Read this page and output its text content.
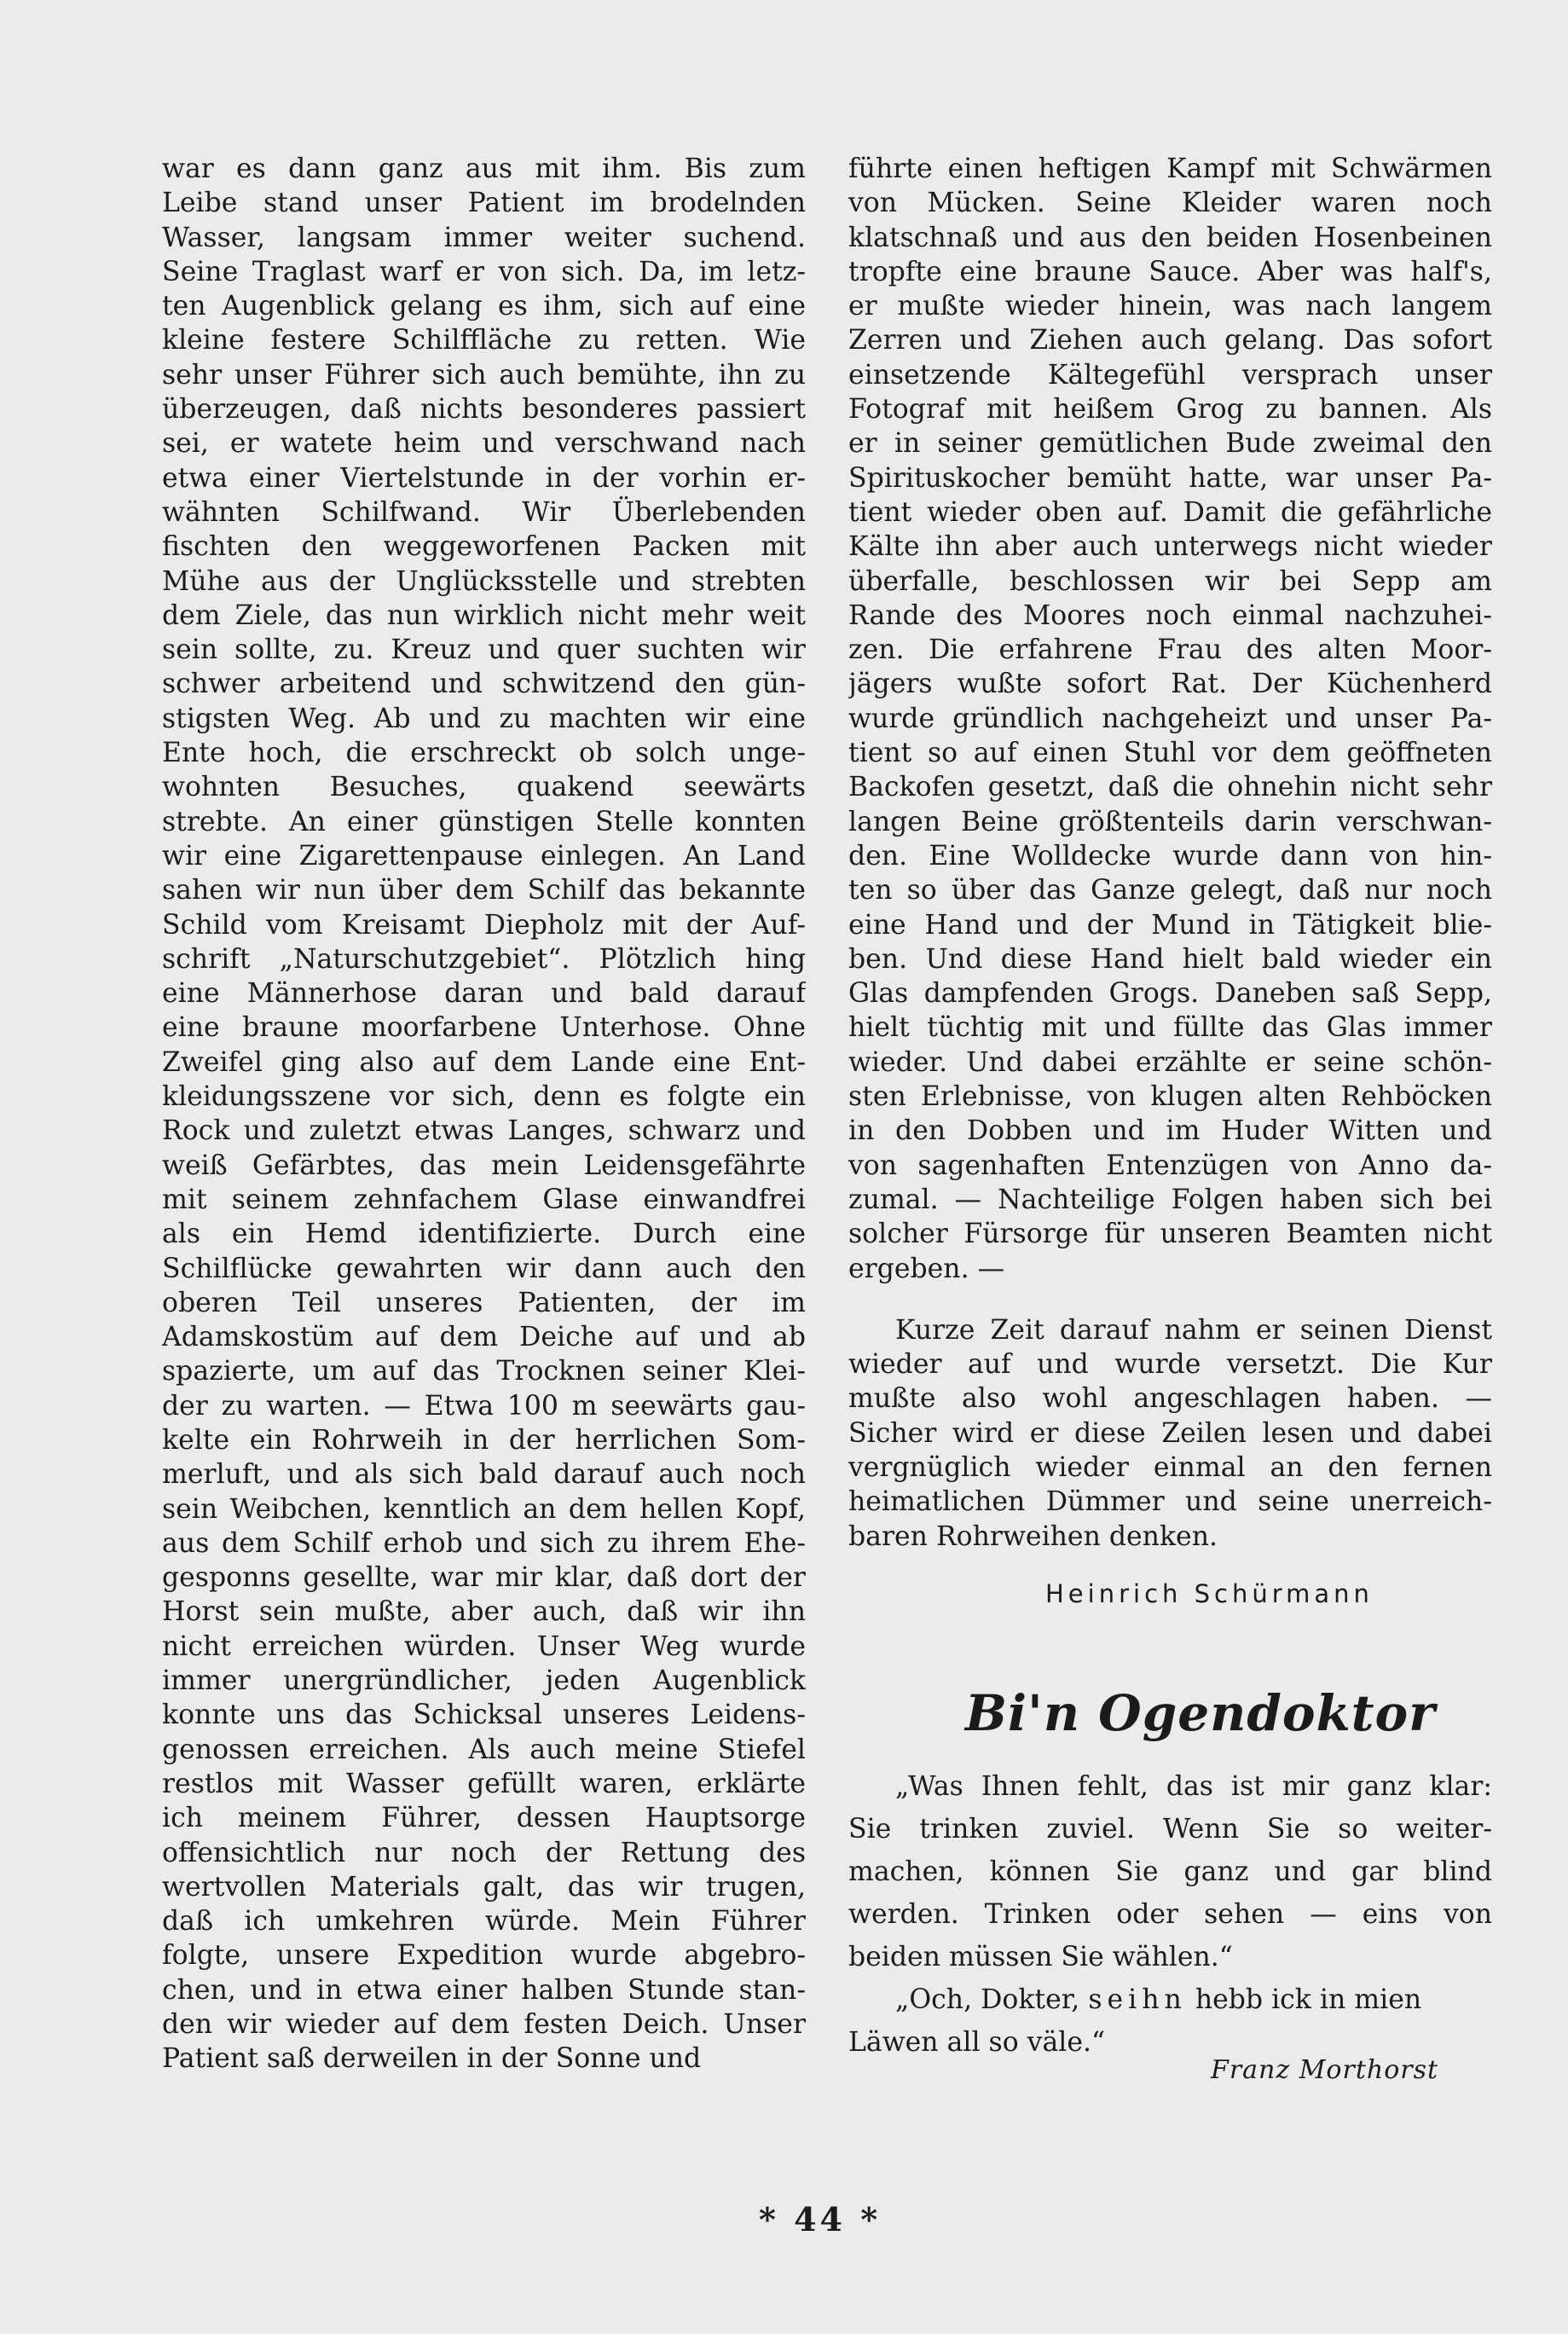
war es dann ganz aus mit ihm. Bis zum
Leibe stand unser Patient im brodelnden
Wasser, langsam immer weiter suchend.
Seine Traglast warf er von sich. Da, im letz-
ten Augenblick gelang es ihm, sich auf eine
kleine festere Schilffläche zu retten. Wie
sehr unser Führer sich auch bemühte, ihn zu
überzeugen, daß nichts besonderes passiert
sei, er watete heim und verschwand nach
etwa einer Viertelstunde in der vorhin er-
wähnten Schilfwand. Wir Überlebenden
fischten den weggeworfenen Packen mit
Mühe aus der Unglücksstelle und strebten
dem Ziele, das nun wirklich nicht mehr weit
sein sollte, zu. Kreuz und quer suchten wir
schwer arbeitend und schwitzend den gün-
stigsten Weg. Ab und zu machten wir eine
Ente hoch, die erschreckt ob solch unge-
wohnten Besuches, quakend seewärts
strebte. An einer günstigen Stelle konnten
wir eine Zigarettenpause einlegen. An Land
sahen wir nun über dem Schilf das bekannte
Schild vom Kreisamt Diepholz mit der Auf-
schrift „Naturschutzgebiet“. Plötzlich hing
eine Männerhose daran und bald darauf
eine braune moorfarbene Unterhose. Ohne
Zweifel ging also auf dem Lande eine Ent-
kleidungsszene vor sich, denn es folgte ein
Rock und zuletzt etwas Langes, schwarz und
weiß Gefärbtes, das mein Leidensgefährte
mit seinem zehnfachem Glase einwandfrei
als ein Hemd identifizierte. Durch eine
Schilflücke gewahrten wir dann auch den
oberen Teil unseres Patienten, der im
Adamskostüm auf dem Deiche auf und ab
spazierte, um auf das Trocknen seiner Klei-
der zu warten. — Etwa 100 m seewärts gau-
kelte ein Rohrweih in der herrlichen Som-
merluft, und als sich bald darauf auch noch
sein Weibchen, kenntlich an dem hellen Kopf,
aus dem Schilf erhob und sich zu ihrem Ehe-
gesponns gesellte, war mir klar, daß dort der
Horst sein mußte, aber auch, daß wir ihn
nicht erreichen würden. Unser Weg wurde
immer unergründlicher, jeden Augenblick
konnte uns das Schicksal unseres Leidens-
genossen erreichen. Als auch meine Stiefel
restlos mit Wasser gefüllt waren, erklärte
ich meinem Führer, dessen Hauptsorge
offensichtlich nur noch der Rettung des
wertvollen Materials galt, das wir trugen,
daß ich umkehren würde. Mein Führer
folgte, unsere Expedition wurde abgebro-
chen, und in etwa einer halben Stunde stan-
den wir wieder auf dem festen Deich. Unser
Patient saß derweilen in der Sonne und
führte einen heftigen Kampf mit Schwärmen
von Mücken. Seine Kleider waren noch
klatschnaß und aus den beiden Hosenbeinen
tropfte eine braune Sauce. Aber was half's,
er mußte wieder hinein, was nach langem
Zerren und Ziehen auch gelang. Das sofort
einsetzende Kältegefühl versprach unser
Fotograf mit heißem Grog zu bannen. Als
er in seiner gemütlichen Bude zweimal den
Spirituskocher bemüht hatte, war unser Pa-
tient wieder oben auf. Damit die gefährliche
Kälte ihn aber auch unterwegs nicht wieder
überfalle, beschlossen wir bei Sepp am
Rande des Moores noch einmal nachzuhei-
zen. Die erfahrene Frau des alten Moor-
jägers wußte sofort Rat. Der Küchenherd
wurde gründlich nachgeheizt und unser Pa-
tient so auf einen Stuhl vor dem geöffneten
Backofen gesetzt, daß die ohnehin nicht sehr
langen Beine größtenteils darin verschwan-
den. Eine Wolldecke wurde dann von hin-
ten so über das Ganze gelegt, daß nur noch
eine Hand und der Mund in Tätigkeit blie-
ben. Und diese Hand hielt bald wieder ein
Glas dampfenden Grogs. Daneben saß Sepp,
hielt tüchtig mit und füllte das Glas immer
wieder. Und dabei erzählte er seine schön-
sten Erlebnisse, von klugen alten Rehböcken
in den Dobben und im Huder Witten und
von sagenhaften Entenzügen von Anno da-
zumal. — Nachteilige Folgen haben sich bei
solcher Fürsorge für unseren Beamten nicht
ergeben. —
Kurze Zeit darauf nahm er seinen Dienst
wieder auf und wurde versetzt. Die Kur
mußte also wohl angeschlagen haben. —
Sicher wird er diese Zeilen lesen und dabei
vergnüglich wieder einmal an den fernen
heimatlichen Dümmer und seine unerreich-
baren Rohrweihen denken.
Heinrich Schürmann
Bi'n Ogendoktor
„Was Ihnen fehlt, das ist mir ganz klar:
Sie trinken zuviel. Wenn Sie so weiter-
machen, können Sie ganz und gar blind
werden. Trinken oder sehen — eins von
beiden müssen Sie wählen.“
„Och, Dokter, seihn hebb ick in mien
Läwen all so väle.“
Franz Morthorst
* 44 *
